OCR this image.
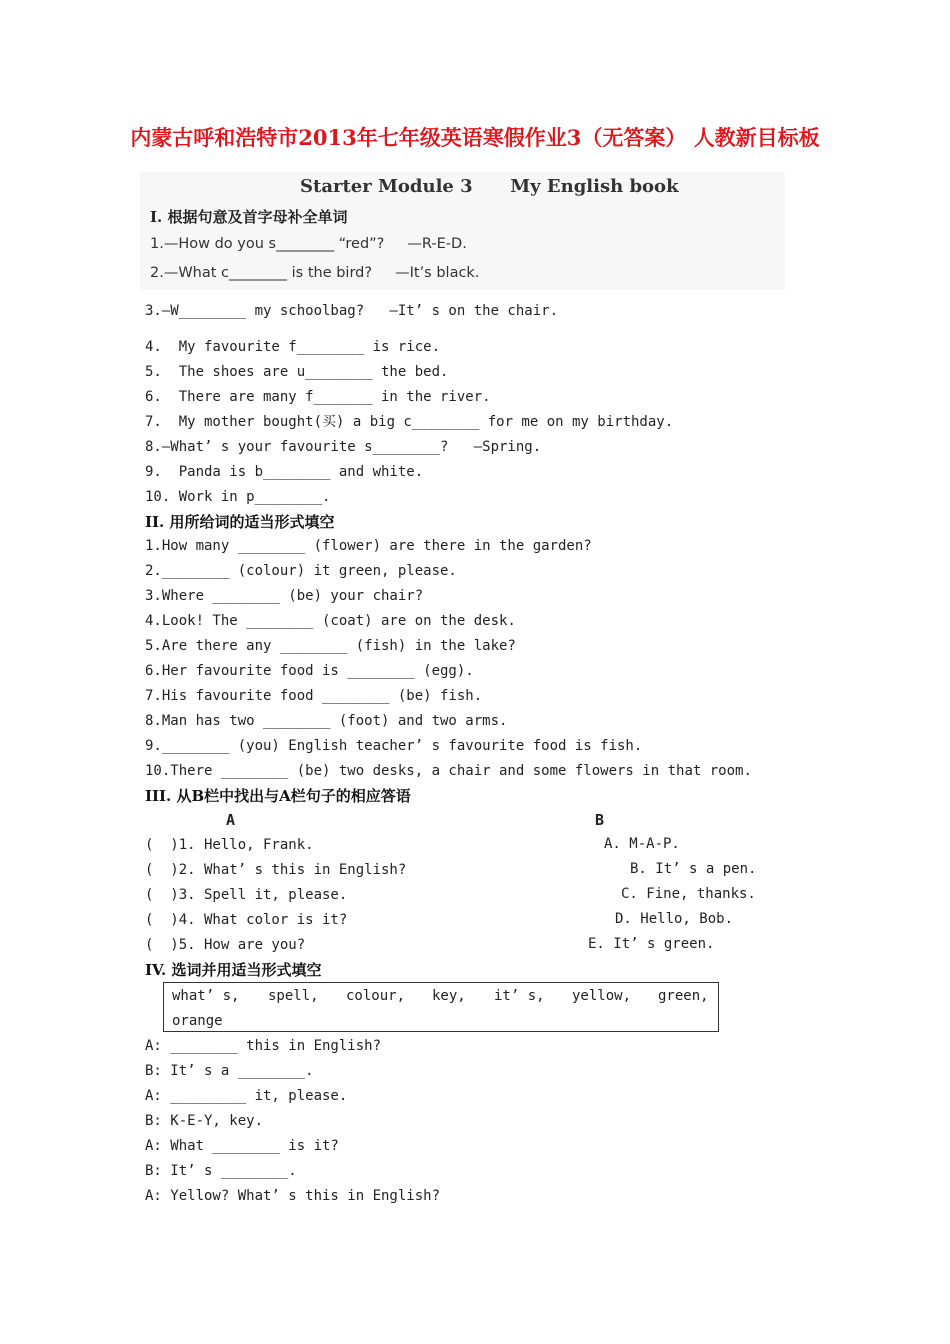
内蒙古呼和浩特市2013年七年级英语寒假作业3（无答案） 人教新目标板
Starter Module 3      My English book
I. 根据句意及首字母补全单词
1.—How do you s________ “red”?     —R-E-D.
2.—What c________ is the bird?     —It’s black.
3.—W________ my schoolbag?   —It’ s on the chair.
4.  My favourite f________ is rice.
5.  The shoes are u________ the bed.
6.  There are many f_______ in the river.
7.  My mother bought(买) a big c________ for me on my birthday.
8.—What’ s your favourite s________?   —Spring.
9.  Panda is b________ and white.
10. Work in p________.
II. 用所给词的适当形式填空
1.How many ________ (flower) are there in the garden?
2.________ (colour) it green, please.
3.Where ________ (be) your chair?
4.Look! The ________ (coat) are on the desk.
5.Are there any ________ (fish) in the lake?
6.Her favourite food is ________ (egg).
7.His favourite food ________ (be) fish.
8.Man has two ________ (foot) and two arms.
9.________ (you) English teacher’ s favourite food is fish.
10.There ________ (be) two desks, a chair and some flowers in that room.
III. 从B栏中找出与A栏句子的相应答语
A	B
(  )1. Hello, Frank.
(  )2. What’ s this in English?
(  )3. Spell it, please.
(  )4. What color is it?
(  )5. How are you?
A. M-A-P.
B. It’ s a pen.
C. Fine, thanks.
D. Hello, Bob.
E. It’ s green.
IV. 选词并用适当形式填空
what’ s, spell, colour, key, it’ s, yellow, green,
orange
A: ________ this in English?
B: It’ s a ________.
A: _________ it, please.
B: K-E-Y, key.
A: What ________ is it?
B: It’ s ________.
A: Yellow? What’ s this in English?
